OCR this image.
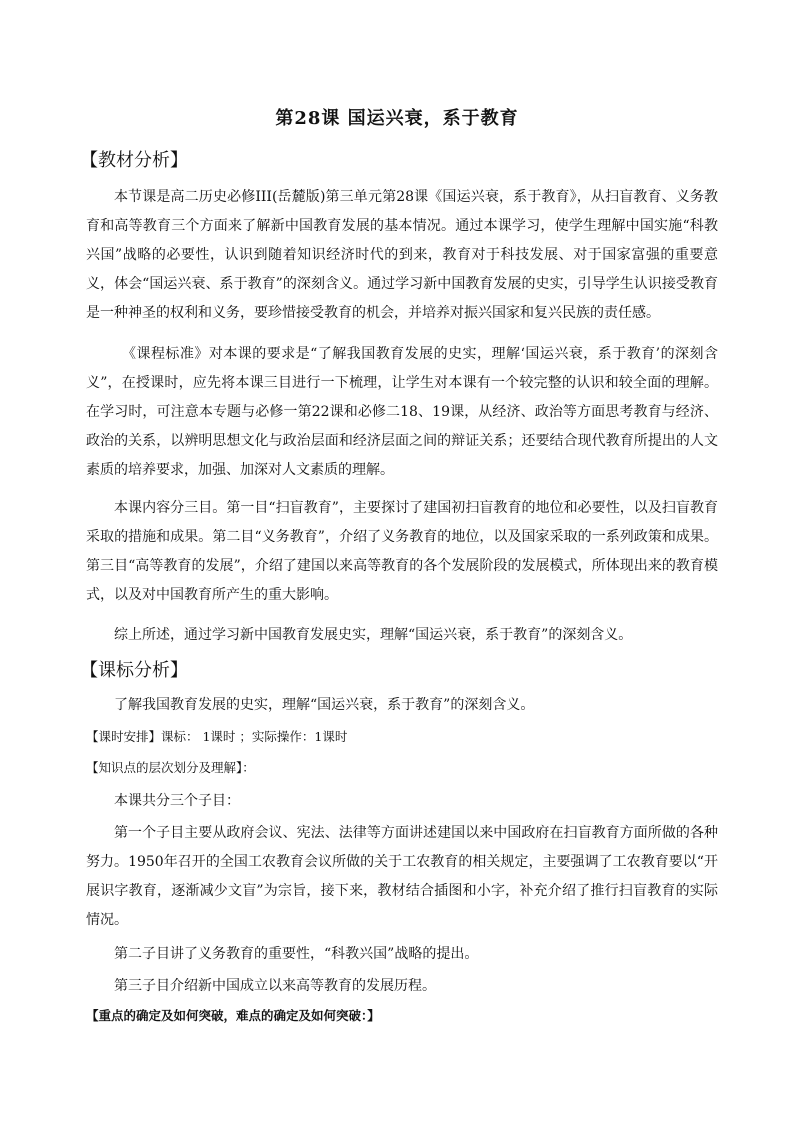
第28课 国运兴衰，系于教育
【教材分析】
本节课是高二历史必修III(岳麓版)第三单元第28课《国运兴衰，系于教育》，从扫盲教育、义务教育和高等教育三个方面来了解新中国教育发展的基本情况。通过本课学习，使学生理解中国实施“科教兴国”战略的必要性，认识到随着知识经济时代的到来，教育对于科技发展、对于国家富强的重要意义，体会“国运兴衰、系于教育”的深刻含义。通过学习新中国教育发展的史实，引导学生认识接受教育是一种神圣的权利和义务，要珍惜接受教育的机会，并培养对振兴国家和复兴民族的责任感。
《课程标准》对本课的要求是“了解我国教育发展的史实，理解‘国运兴衰，系于教育’的深刻含义”，在授课时，应先将本课三目进行一下梳理，让学生对本课有一个较完整的认识和较全面的理解。在学习时，可注意本专题与必修一第22课和必修二18、19课，从经济、政治等方面思考教育与经济、政治的关系，以辨明思想文化与政治层面和经济层面之间的辩证关系；还要结合现代教育所提出的人文素质的培养要求，加强、加深对人文素质的理解。
本课内容分三目。第一目“扫盲教育”，主要探讨了建国初扫盲教育的地位和必要性，以及扫盲教育采取的措施和成果。第二目“义务教育”，介绍了义务教育的地位，以及国家采取的一系列政策和成果。第三目“高等教育的发展”，介绍了建国以来高等教育的各个发展阶段的发展模式，所体现出来的教育模式，以及对中国教育所产生的重大影响。
综上所述，通过学习新中国教育发展史实，理解“国运兴衰，系于教育”的深刻含义。
【课标分析】
了解我国教育发展的史实，理解“国运兴衰，系于教育”的深刻含义。
【课时安排】课标： 1课时 ；实际操作：1课时
【知识点的层次划分及理解】：
本课共分三个子目：
第一个子目主要从政府会议、宪法、法律等方面讲述建国以来中国政府在扫盲教育方面所做的各种努力。1950年召开的全国工农教育会议所做的关于工农教育的相关规定，主要强调了工农教育要以“开展识字教育，逐渐减少文盲”为宗旨，接下来，教材结合插图和小字，补充介绍了推行扫盲教育的实际情况。
第二子目讲了义务教育的重要性，“科教兴国”战略的提出。
第三子目介绍新中国成立以来高等教育的发展历程。
【重点的确定及如何突破，难点的确定及如何突破：】
